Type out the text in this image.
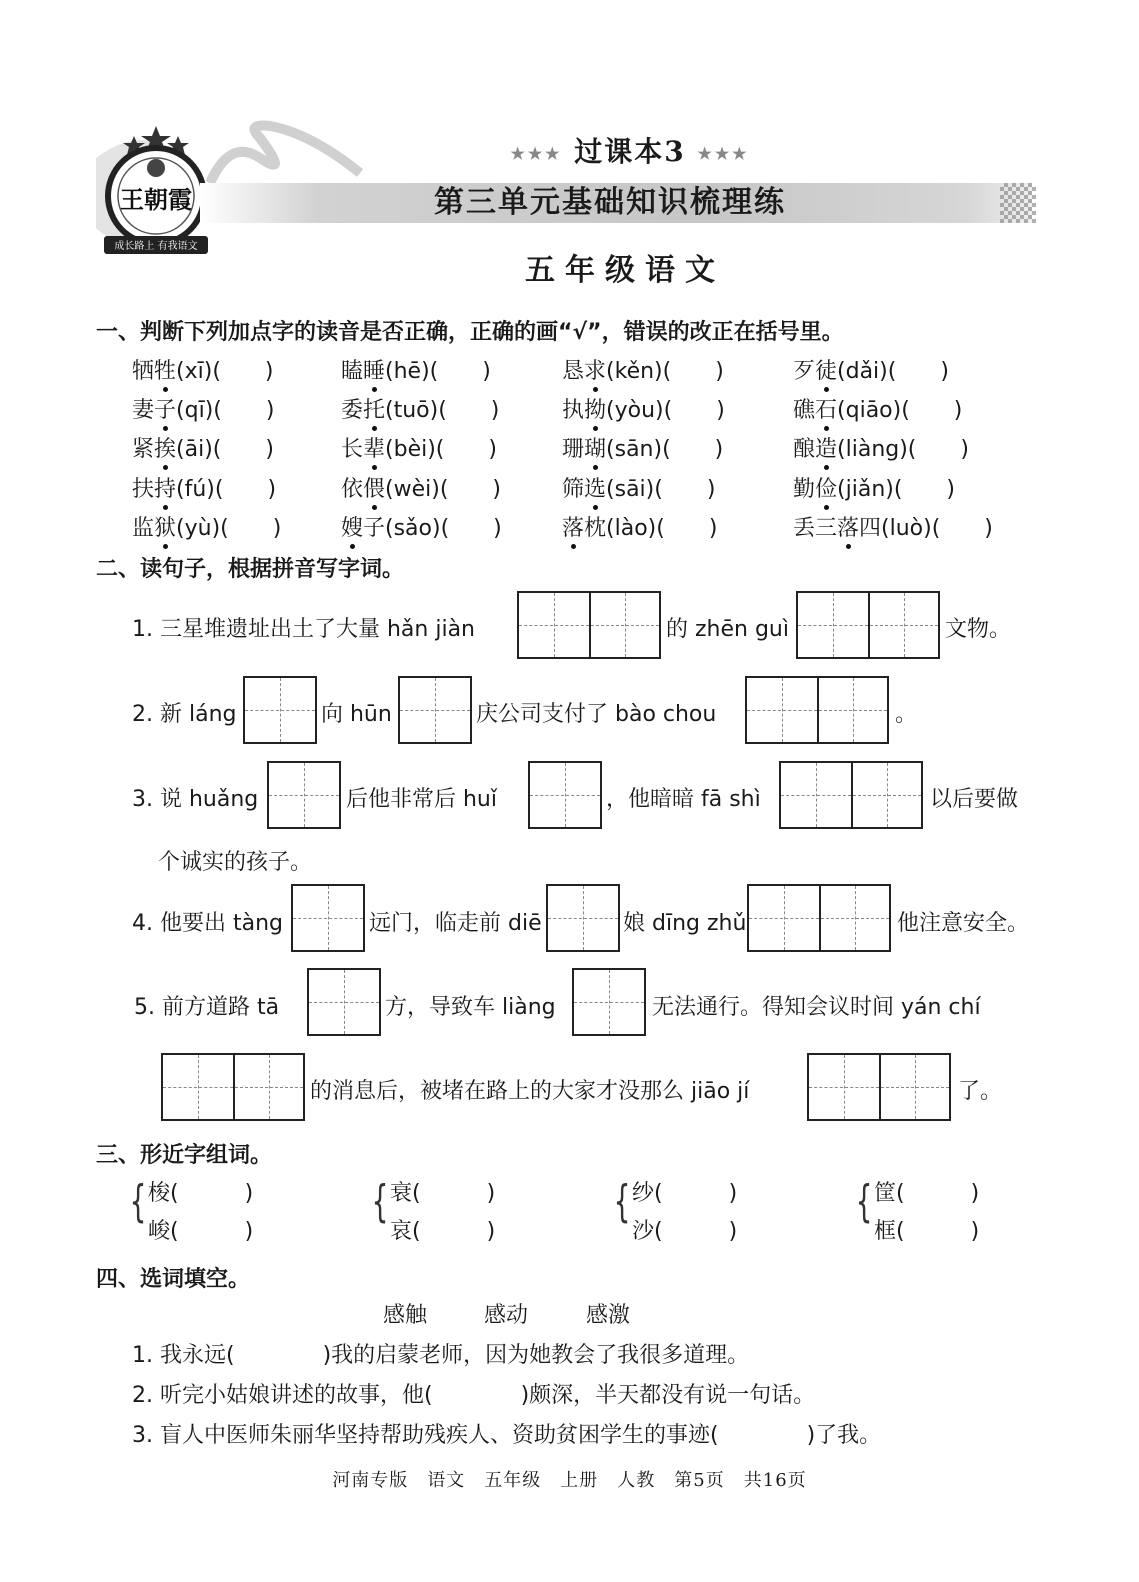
王朝霞
成长路上 有我语文
★★★ 过课本3 ★★★
第三单元基础知识梳理练
五年级语文
一、判断下列加点字的读音是否正确，正确的画“√”，错误的改正在括号里。
牺牲(xī)(　　)	瞌睡(hē)(　　)	恳求(kěn)(　　)	歹徒(dǎi)(　　)
妻子(qī)(　　)	委托(tuō)(　　)	执拗(yòu)(　　)	礁石(qiāo)(　　)
紧挨(āi)(　　)	长辈(bèi)(　　)	珊瑚(sān)(　　)	酿造(liàng)(　　)
扶持(fú)(　　)	依偎(wèi)(　　)	筛选(sāi)(　　)	勤俭(jiǎn)(　　)
监狱(yù)(　　)	嫂子(sǎo)(　　)	落枕(lào)(　　)	丢三落四(luò)(　　)
二、读句子，根据拼音写字词。
1. 三星堆遗址出土了大量 hǎn jiàn	的 zhēn guì	文物。
2. 新 láng	向 hūn	庆公司支付了 bào chou	。
3. 说 huǎng	后他非常后 huǐ	，他暗暗 fā shì	以后要做
个诚实的孩子。
4. 他要出 tàng	远门，临走前 diē	娘 dīng zhǔ	他注意安全。
5. 前方道路 tā	方，导致车 liàng	无法通行。得知会议时间 yán chí
的消息后，被堵在路上的大家才没那么 jiāo jí	了。
三、形近字组词。
{ 梭(　　　)
峻(　　　)
{ 衰(　　　)
哀(　　　)
{ 纱(　　　)
沙(　　　)
{ 筐(　　　)
框(　　　)
四、选词填空。
感触	感动	感激
1. 我永远(　　　　)我的启蒙老师，因为她教会了我很多道理。
2. 听完小姑娘讲述的故事，他(　　　　)颇深，半天都没有说一句话。
3. 盲人中医师朱丽华坚持帮助残疾人、资助贫困学生的事迹(　　　　)了我。
河南专版　语文　五年级　上册　人教　第5页　共16页
